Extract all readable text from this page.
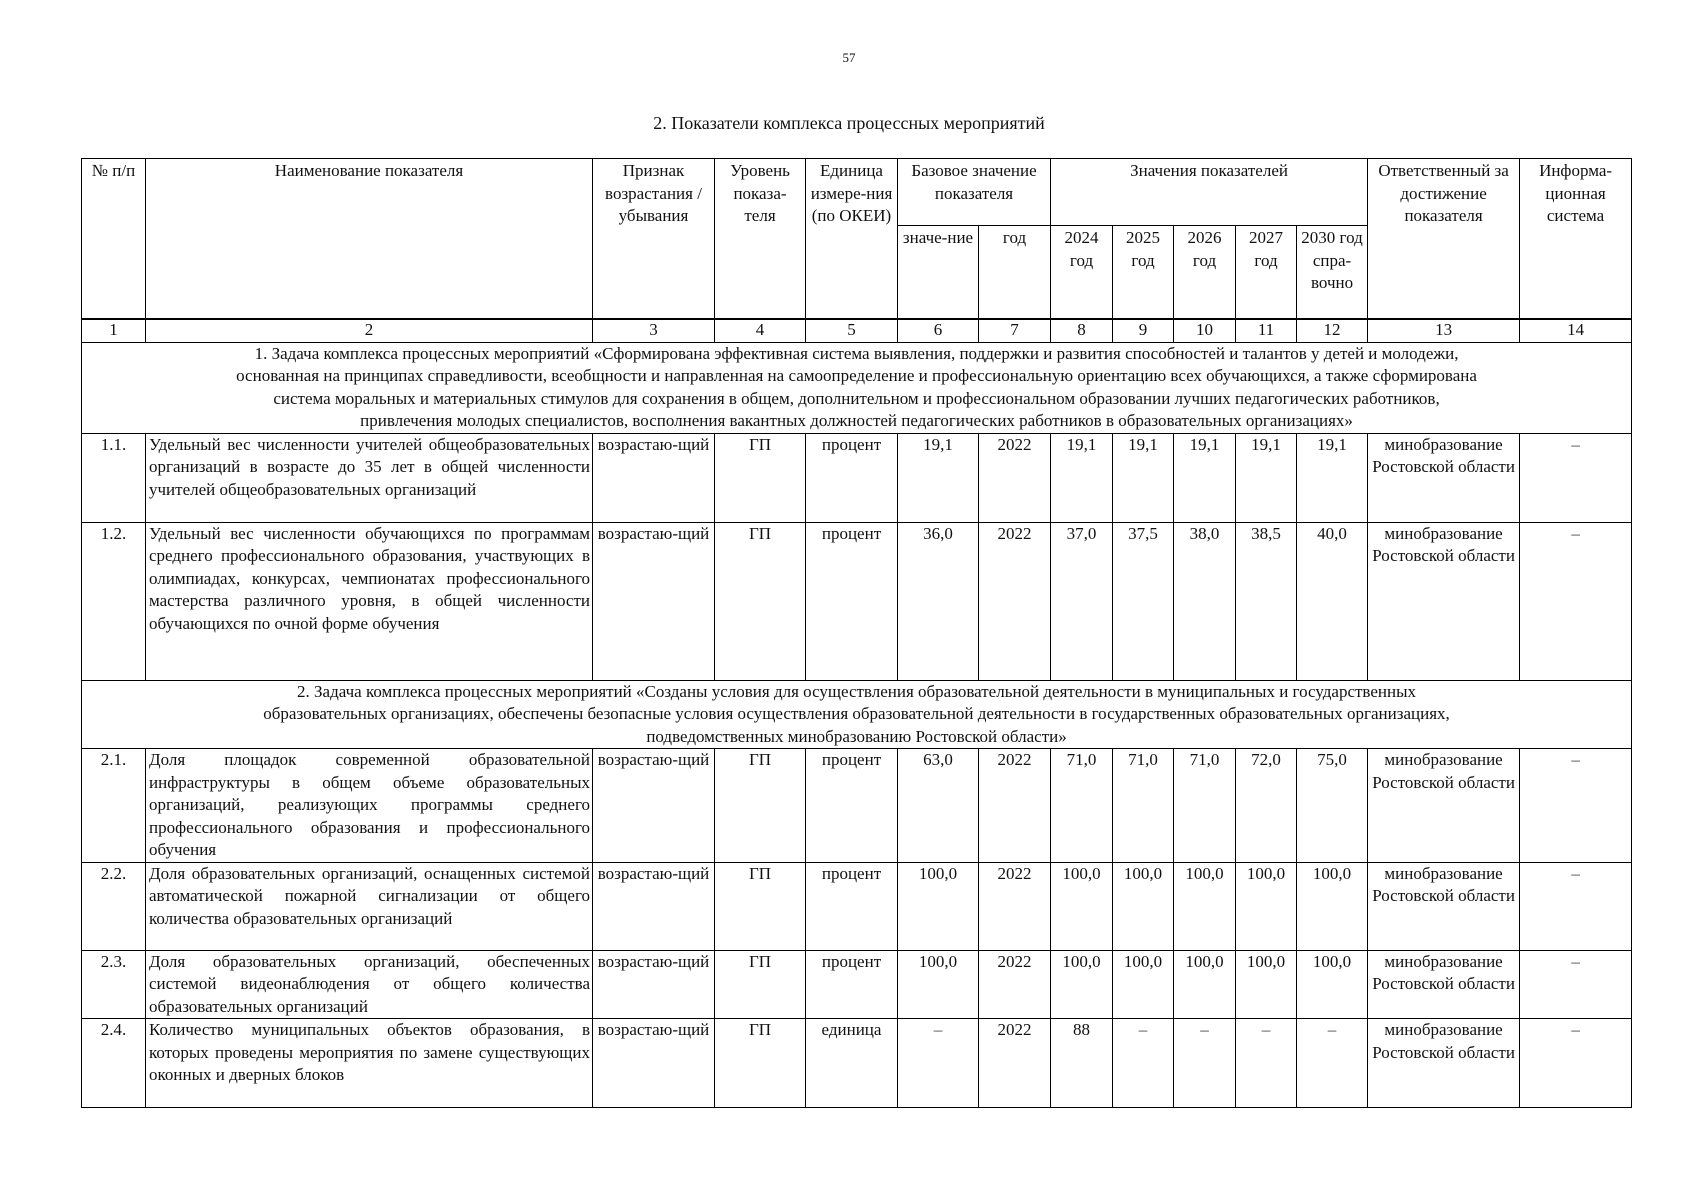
57
2. Показатели комплекса процессных мероприятий
№ п/п	Наименование показателя	Признак возрастания /убывания	Уровень показа-теля	Единица измере-ния (по ОКЕИ)	Базовое значение показателя		Значения показателей					Ответственный за достижение показателя	Информа-ционная система
					значе-ние	год	2024 год	2025 год	2026 год	2027 год	2030 год спра-вочно		
1	2	3	4	5	6	7	8	9	10	11	12	13	14
1. Задача комплекса процессных мероприятий «Сформирована эффективная система выявления, поддержки и развития способностей и талантов у детей и молодежи, основанная на принципах справедливости, всеобщности и направленная на самоопределение и профессиональную ориентацию всех обучающихся, а также сформирована система моральных и материальных стимулов для сохранения в общем, дополнительном и профессиональном образовании лучших педагогических работников, привлечения молодых специалистов, восполнения вакантных должностей педагогических работников в образовательных организациях»													
1.1.	Удельный вес численности учителей общеобразовательных организаций в возрасте до 35 лет в общей численности учителей общеобразовательных организаций	возрастаю-щий	ГП	процент	19,1	2022	19,1	19,1	19,1	19,1	19,1	минобразование Ростовской области	–
1.2.	Удельный вес численности обучающихся по программам среднего профессионального образования, участвующих в олимпиадах, конкурсах, чемпионатах профессионального мастерства различного уровня, в общей численности обучающихся по очной форме обучения	возрастаю-щий	ГП	процент	36,0	2022	37,0	37,5	38,0	38,5	40,0	минобразование Ростовской области	–
2. Задача комплекса процессных мероприятий «Созданы условия для осуществления образовательной деятельности в муниципальных и государственных образовательных организациях, обеспечены безопасные условия осуществления образовательной деятельности в государственных образовательных организациях, подведомственных минобразованию Ростовской области»													
2.1.	Доля площадок современной образовательной инфраструктуры в общем объеме образовательных организаций, реализующих программы среднего профессионального образования и профессионального обучения	возрастаю-щий	ГП	процент	63,0	2022	71,0	71,0	71,0	72,0	75,0	минобразование Ростовской области	–
2.2.	Доля образовательных организаций, оснащенных системой автоматической пожарной сигнализации от общего количества образовательных организаций	возрастаю-щий	ГП	процент	100,0	2022	100,0	100,0	100,0	100,0	100,0	минобразование Ростовской области	–
2.3.	Доля образовательных организаций, обеспеченных системой видеонаблюдения от общего количества образовательных организаций	возрастаю-щий	ГП	процент	100,0	2022	100,0	100,0	100,0	100,0	100,0	минобразование Ростовской области	–
2.4.	Количество муниципальных объектов образования, в которых проведены мероприятия по замене существующих оконных и дверных блоков	возрастаю-щий	ГП	единица	–	2022	88	–	–	–	–	минобразование Ростовской области	–
